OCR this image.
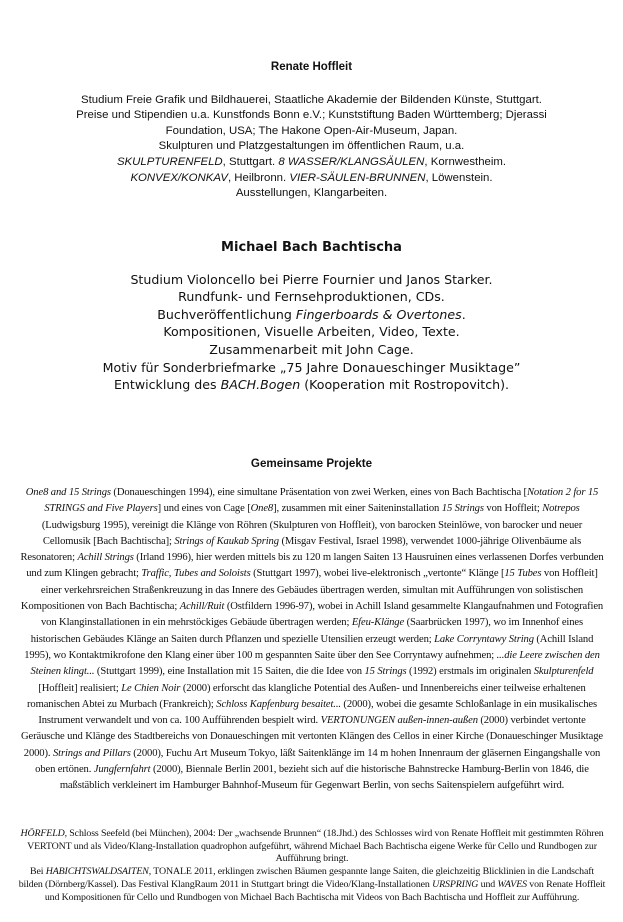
Renate Hoffleit

Studium Freie Grafik und Bildhauerei, Staatliche Akademie der Bildenden Künste, Stuttgart.

Preise und Stipendien u.a. Kunstfonds Bonn e.V.; Kunststiftung Baden Württemberg; Djerassi

Foundation, USA; The Hakone Open-Air-Museum, Japan.

Skulpturen und Platzgestaltungen im öffentlichen Raum, u.a.

SKULPTURENFELD, Stuttgart. 8 WASSER/KLANGSÄULEN, Kornwestheim.

KONVEX/KONKAV, Heilbronn. VIER-SÄULEN-BRUNNEN, Löwenstein.

Ausstellungen, Klangarbeiten.

Michael Bach Bachtischa

Studium Violoncello bei Pierre Fournier und Janos Starker.

Rundfunk- und Fernsehproduktionen, CDs.

Buchveröffentlichung Fingerboards & Overtones.

Kompositionen, Visuelle Arbeiten, Video, Texte.

Zusammenarbeit mit John Cage.

Motiv für Sonderbriefmarke „75 Jahre Donaueschinger Musiktage”

Entwicklung des BACH.Bogen (Kooperation mit Rostropovitch).

Gemeinsame Projekte

One8 and 15 Strings (Donaueschingen 1994), eine simultane Präsentation von zwei Werken, eines von Bach Bachtischa [Notation 2 for 15 STRINGS and Five Players] und eines von Cage [One8], zusammen mit einer Saiteninstallation 15 Strings von Hoffleit; Notrepos (Ludwigsburg 1995), vereinigt die Klänge von Röhren (Skulpturen von Hoffleit), von barocken Steinlöwe, von barocker und neuer Cellomusik [Bach Bachtischa]; Strings of Kaukab Spring (Misgav Festival, Israel 1998), verwendet 1000-jährige Olivenbäume als Resonatoren; Achill Strings (Irland 1996), hier werden mittels bis zu 120 m langen Saiten 13 Hausruinen eines verlassenen Dorfes verbunden und zum Klingen gebracht; Traffic, Tubes and Soloists (Stuttgart 1997), wobei live-elektronisch „vertonte“ Klänge [15 Tubes von Hoffleit] einer verkehrsreichen Straßenkreuzung in das Innere des Gebäudes übertragen werden, simultan mit Aufführungen von solistischen Kompositionen von Bach Bachtischa; Achill/Ruit (Ostfildern 1996-97), wobei in Achill Island gesammelte Klangaufnahmen und Fotografien von Klanginstallationen in ein mehrstöckiges Gebäude übertragen werden; Efeu-Klänge (Saarbrücken 1997), wo im Innenhof eines historischen Gebäudes Klänge an Saiten durch Pflanzen und spezielle Utensilien erzeugt werden; Lake Corryntawy String (Achill Island 1995), wo Kontaktmikrofone den Klang einer über 100 m gespannten Saite über den See Corryntawy aufnehmen; ...die Leere zwischen den Steinen klingt... (Stuttgart 1999), eine Installation mit 15 Saiten, die die Idee von 15 Strings (1992) erstmals im originalen Skulpturenfeld [Hoffleit] realisiert; Le Chien Noir (2000) erforscht das klangliche Potential des Außen- und Innenbereichs einer teilweise erhaltenen romanischen Abtei zu Murbach (Frankreich); Schloss Kapfenburg besaitet... (2000), wobei die gesamte Schloßanlage in ein musikalisches Instrument verwandelt und von ca. 100 Aufführenden bespielt wird. VERTONUNGEN außen-innen-außen (2000) verbindet vertonte Geräusche und Klänge des Stadtbereichs von Donaueschingen mit vertonten Klängen des Cellos in einer Kirche (Donaueschinger Musiktage 2000). Strings and Pillars (2000), Fuchu Art Museum Tokyo, läßt Saitenklänge im 14 m hohen Innenraum der gläsernen Eingangshalle von oben ertönen. Jungfernfahrt (2000), Biennale Berlin 2001, bezieht sich auf die historische Bahnstrecke Hamburg-Berlin von 1846, die maßstäblich verkleinert im Hamburger Bahnhof-Museum für Gegenwart Berlin, von sechs Saitenspielern aufgeführt wird.

HÖRFELD, Schloss Seefeld (bei München), 2004: Der „wachsende Brunnen“ (18.Jhd.) des Schlosses wird von Renate Hoffleit mit gestimmten Röhren VERTONT und als Video/Klang-Installation quadrophon aufgeführt, während Michael Bach Bachtischa eigene Werke für Cello und Rundbogen zur Aufführung bringt.

Bei HABICHTSWALDSAITEN, TONALE 2011, erklingen zwischen Bäumen gespannte lange Saiten, die gleichzeitig Blicklinien in die Landschaft bilden (Dörnberg/Kassel). Das Festival KlangRaum 2011 in Stuttgart bringt die Video/Klang-Installationen URSPRING und WAVES von Renate Hoffleit und Kompositionen für Cello und Rundbogen von Michael Bach Bachtischa mit Videos von Bach Bachtischa und Hoffleit zur Aufführung.
